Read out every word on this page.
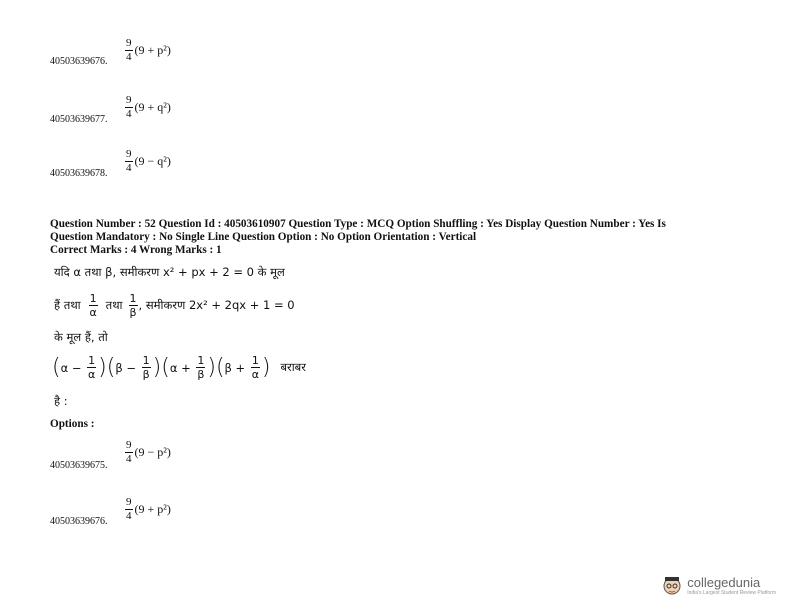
40503639676. $\frac{9}{4} (9 + p^2)$
40503639677. $\frac{9}{4} (9 + q^2)$
40503639678. $\frac{9}{4} (9 - q^2)$
Question Number : 52 Question Id : 40503610907 Question Type : MCQ Option Shuffling : Yes Display Question Number : Yes Is
Question Mandatory : No Single Line Question Option : No Option Orientation : Vertical
Correct Marks : 4 Wrong Marks : 1
यदि α तथा β, समीकरण x² + px + 2 = 0 के मूल
हैं तथा $\frac{1}{\alpha}$ तथा $\frac{1}{\beta}$ , समीकरण 2x² + 2qx + 1 = 0
के मूल हैं, तो
( α
−
$\frac{1}{\alpha}$ ) ( β
−
$\frac{1}{\beta}$ ) ( α
+
$\frac{1}{\beta}$ ) ( β
+
$\frac{1}{\alpha}$ ) बराबर
है :
Options :
40503639675.
$\frac{9}{4} (9 - p^2)$
40503639676. $\frac{9}{4} (9 + p^2)$
collegedunia
India's Largest Student Review Platform
